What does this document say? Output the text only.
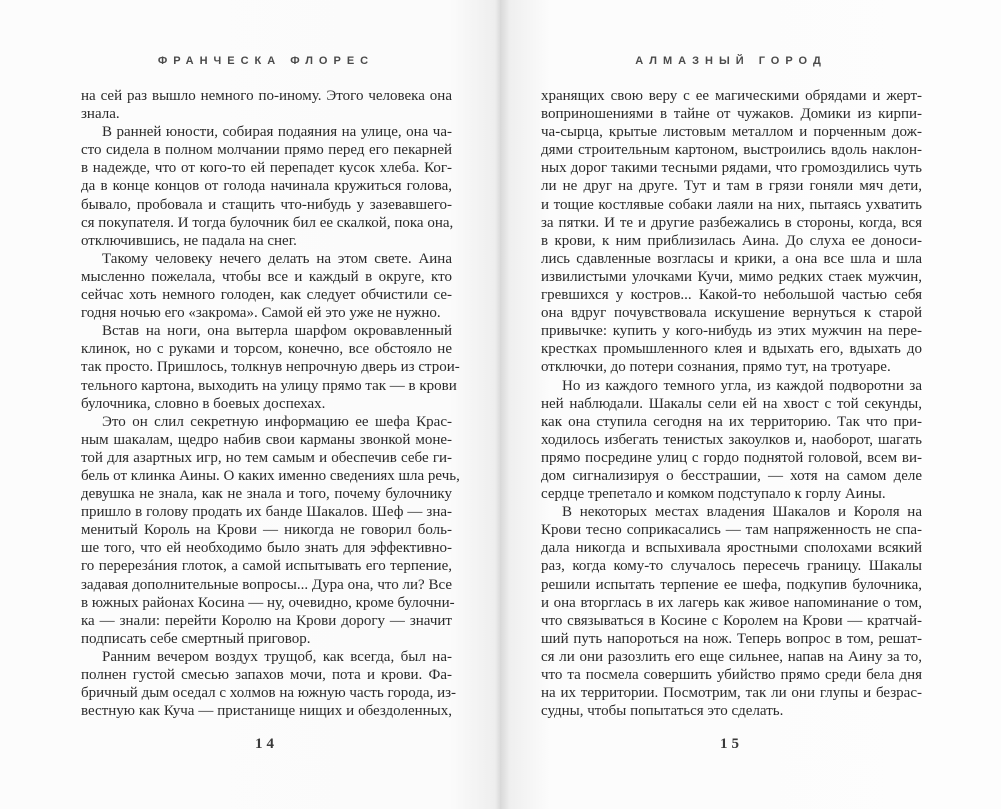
ФРАНЧЕСКА ФЛОРЕС
на сей раз вышло немного по-иному. Этого человека она
знала.
В ранней юности, собирая подаяния на улице, она ча-
сто сидела в полном молчании прямо перед его пекарней
в надежде, что от кого-то ей перепадет кусок хлеба. Ког-
да в конце концов от голода начинала кружиться голова,
бывало, пробовала и стащить что-нибудь у зазевавшего-
ся покупателя. И тогда булочник бил ее скалкой, пока она,
отключившись, не падала на снег.
Такому человеку нечего делать на этом свете. Аина
мысленно пожелала, чтобы все и каждый в округе, кто
сейчас хоть немного голоден, как следует обчистили се-
годня ночью его «закрома». Самой ей это уже не нужно.
Встав на ноги, она вытерла шарфом окровавленный
клинок, но с руками и торсом, конечно, все обстояло не
так просто. Пришлось, толкнув непрочную дверь из строи-
тельного картона, выходить на улицу прямо так — в крови
булочника, словно в боевых доспехах.
Это он слил секретную информацию ее шефа Крас-
ным шакалам, щедро набив свои карманы звонкой моне-
той для азартных игр, но тем самым и обеспечив себе ги-
бель от клинка Аины. О каких именно сведениях шла речь,
девушка не знала, как не знала и того, почему булочнику
пришло в голову продать их банде Шакалов. Шеф — зна-
менитый Король на Крови — никогда не говорил боль-
ше того, что ей необходимо было знать для эффективно-
го перерезáния глоток, а самой испытывать его терпение,
задавая дополнительные вопросы... Дура она, что ли? Все
в южных районах Косина — ну, очевидно, кроме булочни-
ка — знали: перейти Королю на Крови дорогу — значит
подписать себе смертный приговор.
Ранним вечером воздух трущоб, как всегда, был на-
полнен густой смесью запахов мочи, пота и крови. Фа-
бричный дым оседал с холмов на южную часть города, из-
вестную как Куча — пристанище нищих и обездоленных,
14
АЛМАЗНЫЙ ГОРОД
хранящих свою веру с ее магическими обрядами и жерт-
воприношениями в тайне от чужаков. Домики из кирпи-
ча-сырца, крытые листовым металлом и порченным дож-
дями строительным картоном, выстроились вдоль наклон-
ных дорог такими тесными рядами, что громоздились чуть
ли не друг на друге. Тут и там в грязи гоняли мяч дети,
и тощие костлявые собаки лаяли на них, пытаясь ухватить
за пятки. И те и другие разбежались в стороны, когда, вся
в крови, к ним приблизилась Аина. До слуха ее доноси-
лись сдавленные возгласы и крики, а она все шла и шла
извилистыми улочками Кучи, мимо редких стаек мужчин,
гревшихся у костров... Какой-то небольшой частью себя
она вдруг почувствовала искушение вернуться к старой
привычке: купить у кого-нибудь из этих мужчин на пере-
крестках промышленного клея и вдыхать его, вдыхать до
отключки, до потери сознания, прямо тут, на тротуаре.
Но из каждого темного угла, из каждой подворотни за
ней наблюдали. Шакалы сели ей на хвост с той секунды,
как она ступила сегодня на их территорию. Так что при-
ходилось избегать тенистых закоулков и, наоборот, шагать
прямо посредине улиц с гордо поднятой головой, всем ви-
дом сигнализируя о бесстрашии, — хотя на самом деле
сердце трепетало и комком подступало к горлу Аины.
В некоторых местах владения Шакалов и Короля на
Крови тесно соприкасались — там напряженность не спа-
дала никогда и вспыхивала яростными сполохами всякий
раз, когда кому-то случалось пересечь границу. Шакалы
решили испытать терпение ее шефа, подкупив булочника,
и она вторглась в их лагерь как живое напоминание о том,
что связываться в Косине с Королем на Крови — кратчай-
ший путь напороться на нож. Теперь вопрос в том, решат-
ся ли они разозлить его еще сильнее, напав на Аину за то,
что та посмела совершить убийство прямо среди бела дня
на их территории. Посмотрим, так ли они глупы и безрас-
судны, чтобы попытаться это сделать.
15
